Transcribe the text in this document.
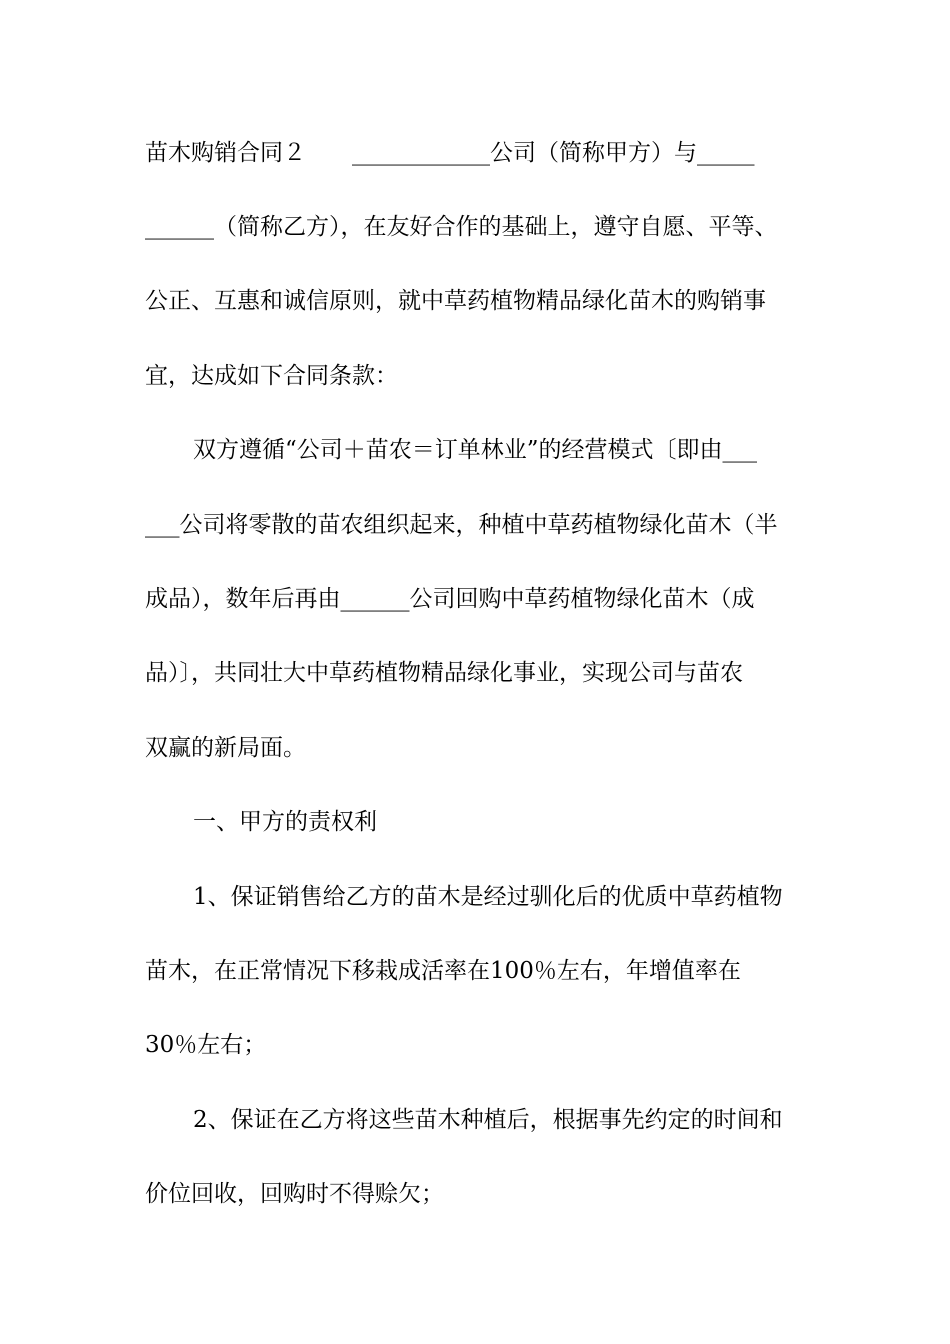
苗木购销合同２　　____________公司（简称甲方）与_____
______（简称乙方），在友好合作的基础上，遵守自愿、平等、
公正、互惠和诚信原则，就中草药植物精品绿化苗木的购销事
宜，达成如下合同条款：
双方遵循“公司＋苗农＝订单林业”的经营模式〔即由___
___公司将零散的苗农组织起来，种植中草药植物绿化苗木（半
成品），数年后再由______公司回购中草药植物绿化苗木（成
品）〕，共同壮大中草药植物精品绿化事业，实现公司与苗农
双赢的新局面。
一、甲方的责权利
1、保证销售给乙方的苗木是经过驯化后的优质中草药植物
苗木，在正常情况下移栽成活率在100％左右，年增值率在
30％左右；
2、保证在乙方将这些苗木种植后，根据事先约定的时间和
价位回收，回购时不得赊欠；
